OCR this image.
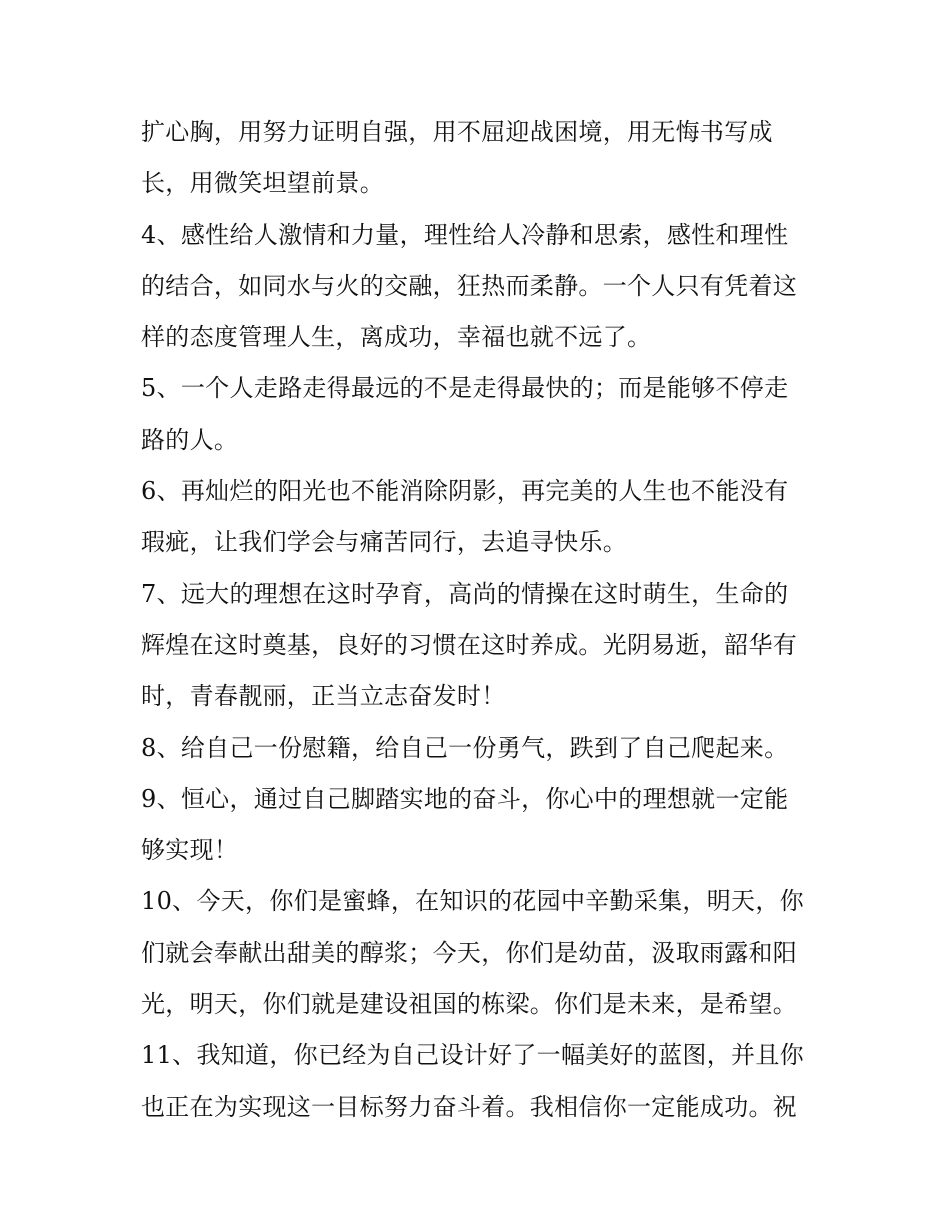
扩心胸，用努力证明自强，用不屈迎战困境，用无悔书写成
长，用微笑坦望前景。
4、感性给人激情和力量，理性给人冷静和思索，感性和理性
的结合，如同水与火的交融，狂热而柔静。一个人只有凭着这
样的态度管理人生，离成功，幸福也就不远了。
5、一个人走路走得最远的不是走得最快的；而是能够不停走
路的人。
6、再灿烂的阳光也不能消除阴影，再完美的人生也不能没有
瑕疵，让我们学会与痛苦同行，去追寻快乐。
7、远大的理想在这时孕育，高尚的情操在这时萌生，生命的
辉煌在这时奠基，良好的习惯在这时养成。光阴易逝，韶华有
时，青春靓丽，正当立志奋发时！
8、给自己一份慰籍，给自己一份勇气，跌到了自己爬起来。
9、恒心，通过自己脚踏实地的奋斗，你心中的理想就一定能
够实现！
10、今天，你们是蜜蜂，在知识的花园中辛勤采集，明天，你
们就会奉献出甜美的醇浆；今天，你们是幼苗，汲取雨露和阳
光，明天，你们就是建设祖国的栋梁。你们是未来，是希望。
11、我知道，你已经为自己设计好了一幅美好的蓝图，并且你
也正在为实现这一目标努力奋斗着。我相信你一定能成功。祝
